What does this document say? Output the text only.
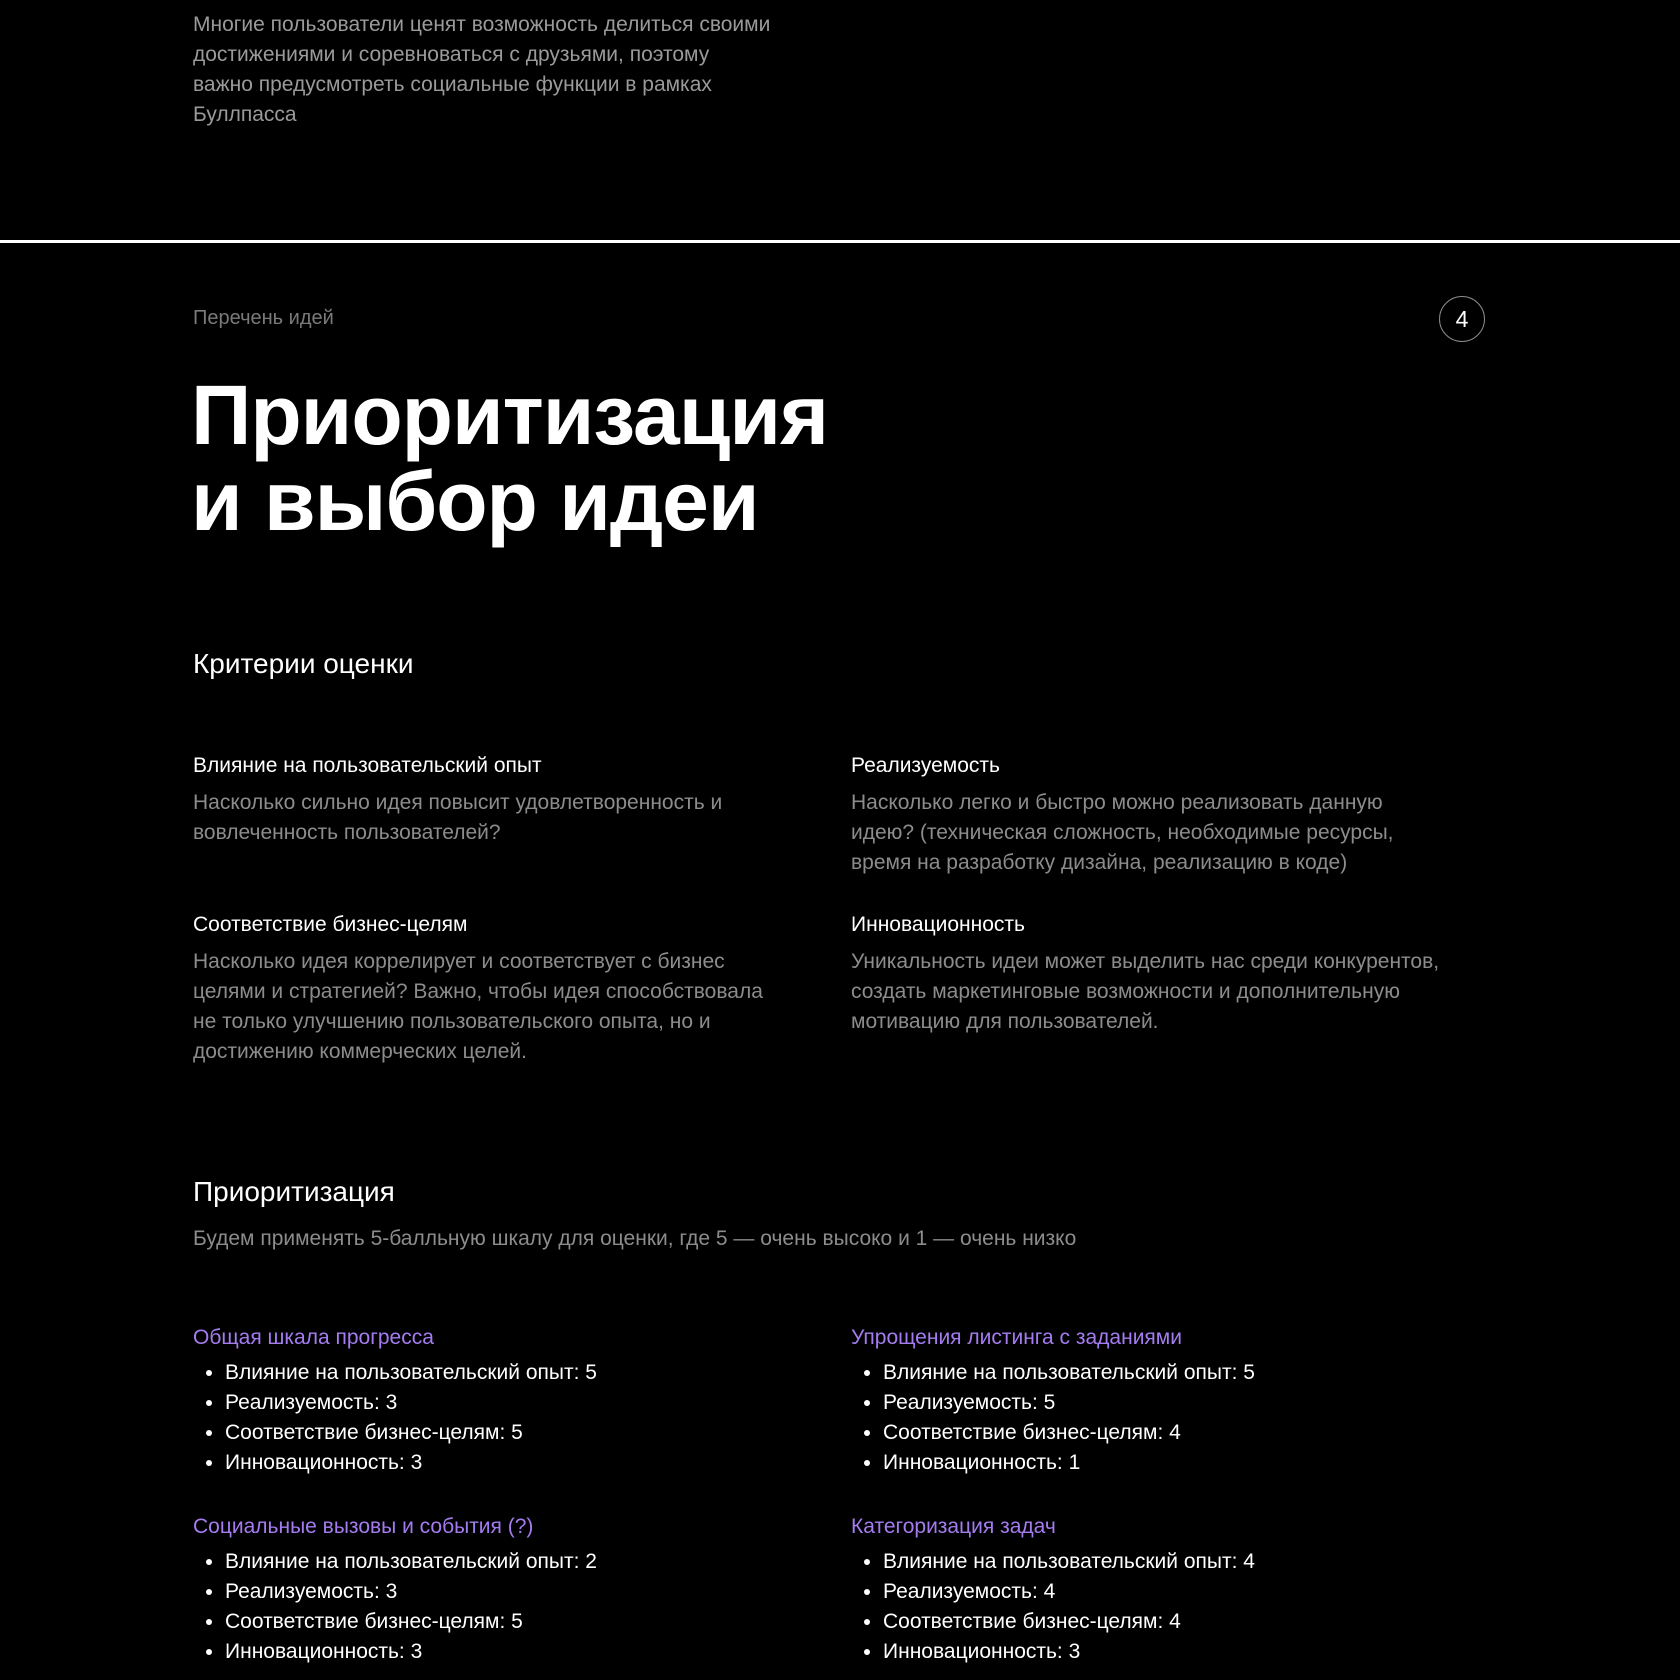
Многие пользователи ценят возможность делиться своими достижениями и соревноваться с друзьями, поэтому важно предусмотреть социальные функции в рамках Буллпасса

Перечень идей	4
Приоритизация
и выбор идеи
Критерии оценки

Влияние на пользовательский опыт

Насколько сильно идея повысит удовлетворенность и вовлеченность пользователей?

Реализуемость

Насколько легко и быстро можно реализовать данную идею? (техническая сложность, необходимые ресурсы, время на разработку дизайна, реализацию в коде)

Соответствие бизнес-целям

Насколько идея коррелирует и соответствует с бизнес целями и стратегией? Важно, чтобы идея способствовала не только улучшению пользовательского опыта, но и достижению коммерческих целей.

Инновационность

Уникальность идеи может выделить нас среди конкурентов, создать маркетинговые возможности и дополнительную мотивацию для пользователей.

Приоритизация

Будем применять 5-балльную шкалу для оценки, где 5 — очень высоко и 1 — очень низко

Общая шкала прогресса

• Влияние на пользовательский опыт: 5
• Реализуемость: 3
• Соответствие бизнес-целям: 5
• Инновационность: 3

Упрощения листинга с заданиями

• Влияние на пользовательский опыт: 5
• Реализуемость: 5
• Соответствие бизнес-целям: 4
• Инновационность: 1

Социальные вызовы и события (?)

• Влияние на пользовательский опыт: 2
• Реализуемость: 3
• Соответствие бизнес-целям: 5
• Инновационность: 3

Категоризация задач

• Влияние на пользовательский опыт: 4
• Реализуемость: 4
• Соответствие бизнес-целям: 4
• Инновационность: 3
